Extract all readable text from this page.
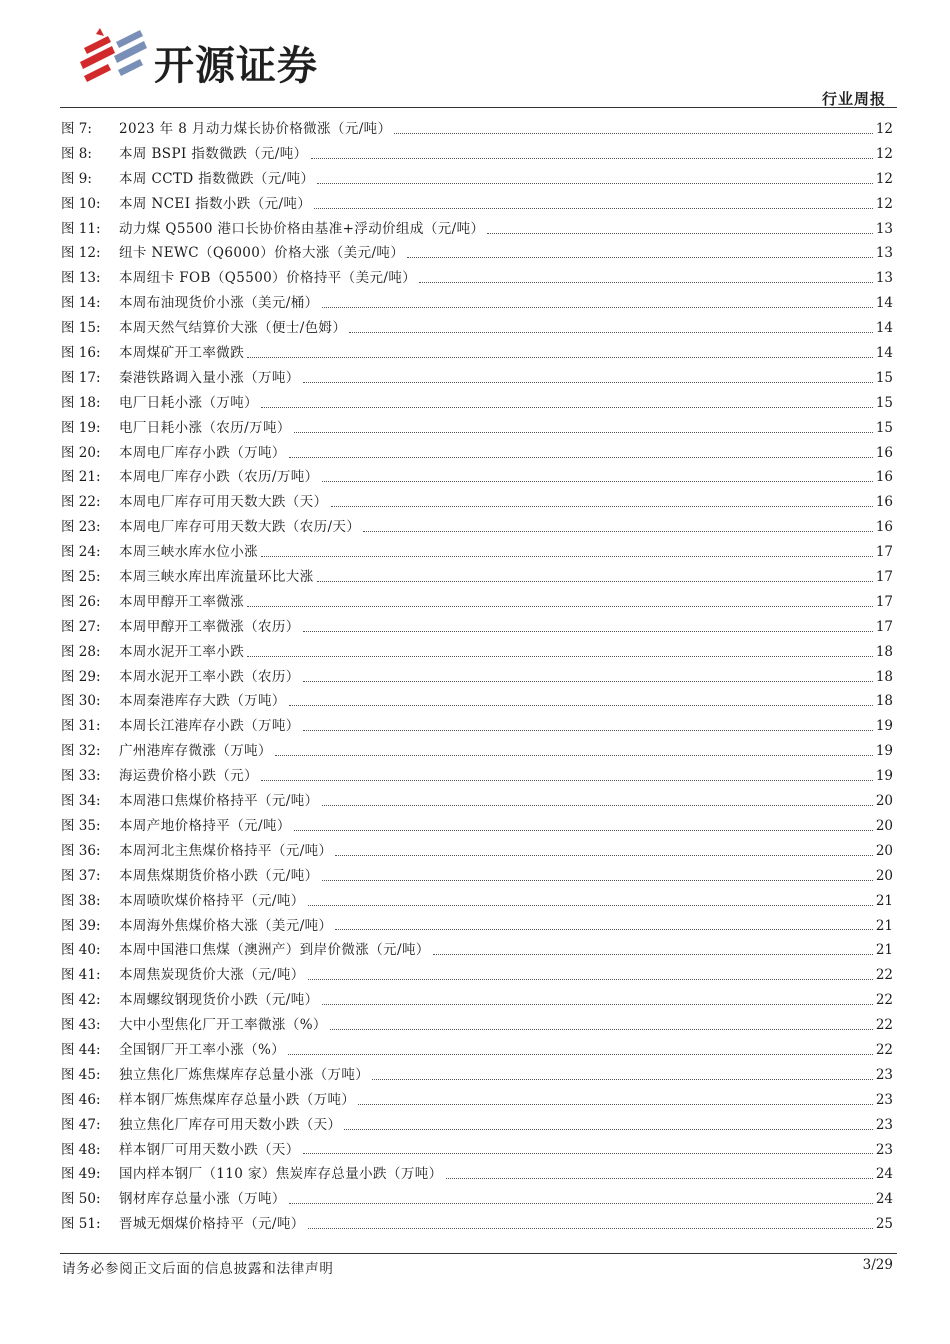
开源证券
行业周报
图 7:	2023 年 8 月动力煤长协价格微涨（元/吨）	12
图 8:	本周 BSPI 指数微跌（元/吨）	12
图 9:	本周 CCTD 指数微跌（元/吨）	12
图 10:	本周 NCEI 指数小跌（元/吨）	12
图 11:	动力煤 Q5500 港口长协价格由基准+浮动价组成（元/吨）	13
图 12:	纽卡 NEWC（Q6000）价格大涨（美元/吨）	13
图 13:	本周纽卡 FOB（Q5500）价格持平（美元/吨）	13
图 14:	本周布油现货价小涨（美元/桶）	14
图 15:	本周天然气结算价大涨（便士/色姆）	14
图 16:	本周煤矿开工率微跌	14
图 17:	秦港铁路调入量小涨（万吨）	15
图 18:	电厂日耗小涨（万吨）	15
图 19:	电厂日耗小涨（农历/万吨）	15
图 20:	本周电厂库存小跌（万吨）	16
图 21:	本周电厂库存小跌（农历/万吨）	16
图 22:	本周电厂库存可用天数大跌（天）	16
图 23:	本周电厂库存可用天数大跌（农历/天）	16
图 24:	本周三峡水库水位小涨	17
图 25:	本周三峡水库出库流量环比大涨	17
图 26:	本周甲醇开工率微涨	17
图 27:	本周甲醇开工率微涨（农历）	17
图 28:	本周水泥开工率小跌	18
图 29:	本周水泥开工率小跌（农历）	18
图 30:	本周秦港库存大跌（万吨）	18
图 31:	本周长江港库存小跌（万吨）	19
图 32:	广州港库存微涨（万吨）	19
图 33:	海运费价格小跌（元）	19
图 34:	本周港口焦煤价格持平（元/吨）	20
图 35:	本周产地价格持平（元/吨）	20
图 36:	本周河北主焦煤价格持平（元/吨）	20
图 37:	本周焦煤期货价格小跌（元/吨）	20
图 38:	本周喷吹煤价格持平（元/吨）	21
图 39:	本周海外焦煤价格大涨（美元/吨）	21
图 40:	本周中国港口焦煤（澳洲产）到岸价微涨（元/吨）	21
图 41:	本周焦炭现货价大涨（元/吨）	22
图 42:	本周螺纹钢现货价小跌（元/吨）	22
图 43:	大中小型焦化厂开工率微涨（%）	22
图 44:	全国钢厂开工率小涨（%）	22
图 45:	独立焦化厂炼焦煤库存总量小涨（万吨）	23
图 46:	样本钢厂炼焦煤库存总量小跌（万吨）	23
图 47:	独立焦化厂库存可用天数小跌（天）	23
图 48:	样本钢厂可用天数小跌（天）	23
图 49:	国内样本钢厂（110 家）焦炭库存总量小跌（万吨）	24
图 50:	钢材库存总量小涨（万吨）	24
图 51:	晋城无烟煤价格持平（元/吨）	25
请务必参阅正文后面的信息披露和法律声明	3/29
